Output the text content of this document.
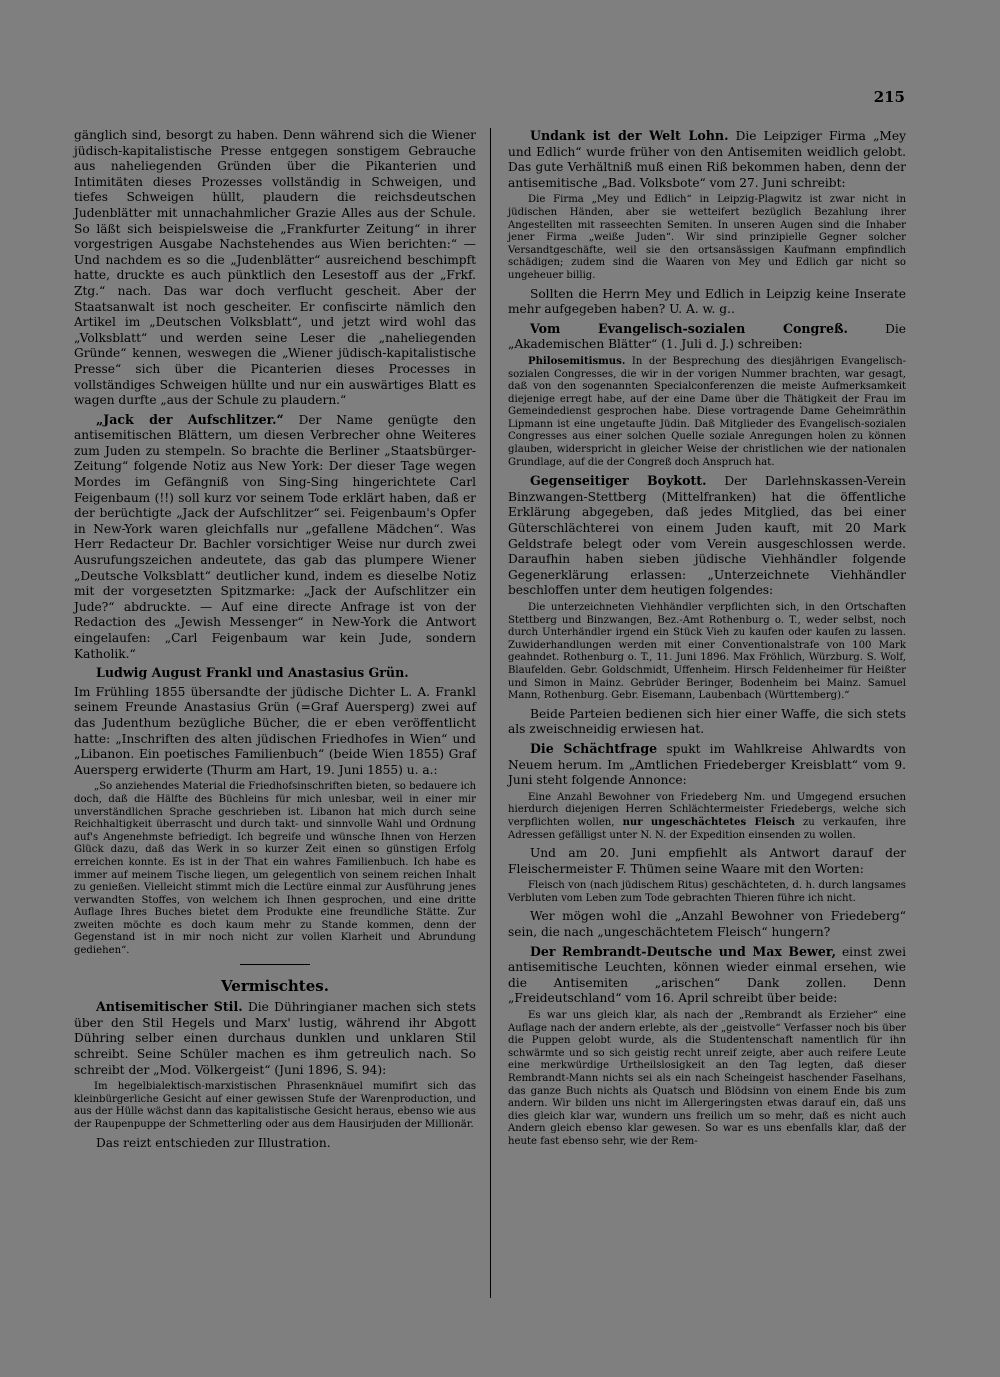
215

gänglich sind, besorgt zu haben. Denn während sich die Wiener jüdisch-kapitalistische Presse entgegen sonstigem Gebrauche aus naheliegenden Gründen über die Pikanterien und Intimitäten dieses Prozesses vollständig in Schweigen, und tiefes Schweigen hüllt, plaudern die reichsdeutschen Judenblätter mit unnachahmlicher Grazie Alles aus der Schule. So läßt sich beispielsweise die „Frankfurter Zeitung“ in ihrer vorgestrigen Ausgabe Nachstehendes aus Wien berichten:“ — Und nachdem es so die „Judenblätter“ ausreichend beschimpft hatte, druckte es auch pünktlich den Lesestoff aus der „Frkf. Ztg.“ nach. Das war doch verflucht gescheit. Aber der Staatsanwalt ist noch gescheiter. Er confiscirte nämlich den Artikel im „Deutschen Volksblatt“, und jetzt wird wohl das „Volksblatt“ und werden seine Leser die „naheliegenden Gründe“ kennen, weswegen die „Wiener jüdisch-kapitalistische Presse“ sich über die Picanterien dieses Processes in vollständiges Schweigen hüllte und nur ein auswärtiges Blatt es wagen durfte „aus der Schule zu plaudern.“

„Jack der Aufschlitzer.“ Der Name genügte den antisemitischen Blättern, um diesen Verbrecher ohne Weiteres zum Juden zu stempeln. So brachte die Berliner „Staatsbürger-Zeitung“ folgende Notiz aus New York: Der dieser Tage wegen Mordes im Gefängniß von Sing-Sing hingerichtete Carl Feigenbaum (!!) soll kurz vor seinem Tode erklärt haben, daß er der berüchtigte „Jack der Aufschlitzer“ sei. Feigenbaum's Opfer in New-York waren gleichfalls nur „gefallene Mädchen“. Was Herr Redacteur Dr. Bachler vorsichtiger Weise nur durch zwei Ausrufungszeichen andeutete, das gab das plumpere Wiener „Deutsche Volksblatt“ deutlicher kund, indem es dieselbe Notiz mit der vorgesetzten Spitzmarke: „Jack der Aufschlitzer ein Jude?“ abdruckte. — Auf eine directe Anfrage ist von der Redaction des „Jewish Messenger“ in New-York die Antwort eingelaufen: „Carl Feigenbaum war kein Jude, sondern Katholik.“

Ludwig August Frankl und Anastasius Grün.

Im Frühling 1855 übersandte der jüdische Dichter L. A. Frankl seinem Freunde Anastasius Grün (=Graf Auersperg) zwei auf das Judenthum bezügliche Bücher, die er eben veröffentlicht hatte: „Inschriften des alten jüdischen Friedhofes in Wien“ und „Libanon. Ein poetisches Familienbuch“ (beide Wien 1855) Graf Auersperg erwiderte (Thurm am Hart, 19. Juni 1855) u. a.:

„So anziehendes Material die Friedhofsinschriften bieten, so bedauere ich doch, daß die Hälfte des Büchleins für mich unlesbar, weil in einer mir unverständlichen Sprache geschrieben ist. Libanon hat mich durch seine Reichhaltigkeit überrascht und durch takt- und sinnvolle Wahl und Ordnung auf's Angenehmste befriedigt. Ich begreife und wünsche Ihnen von Herzen Glück dazu, daß das Werk in so kurzer Zeit einen so günstigen Erfolg erreichen konnte. Es ist in der That ein wahres Familienbuch. Ich habe es immer auf meinem Tische liegen, um gelegentlich von seinem reichen Inhalt zu genießen. Vielleicht stimmt mich die Lectüre einmal zur Ausführung jenes verwandten Stoffes, von welchem ich Ihnen gesprochen, und eine dritte Auflage Ihres Buches bietet dem Produkte eine freundliche Stätte. Zur zweiten möchte es doch kaum mehr zu Stande kommen, denn der Gegenstand ist in mir noch nicht zur vollen Klarheit und Abrundung gediehen“.

Vermischtes.

Antisemitischer Stil. Die Dühringianer machen sich stets über den Stil Hegels und Marx' lustig, während ihr Abgott Dühring selber einen durchaus dunklen und unklaren Stil schreibt. Seine Schüler machen es ihm getreulich nach. So schreibt der „Mod. Völkergeist“ (Juni 1896, S. 94):

Im hegelbialektisch-marxistischen Phrasenknäuel mumifirt sich das kleinbürgerliche Gesicht auf einer gewissen Stufe der Warenproduction, und aus der Hülle wächst dann das kapitalistische Gesicht heraus, ebenso wie aus der Raupenpuppe der Schmetterling oder aus dem Hausirjuden der Millionär.

Das reizt entschieden zur Illustration.

Undank ist der Welt Lohn. Die Leipziger Firma „Mey und Edlich“ wurde früher von den Antisemiten weidlich gelobt. Das gute Verhältniß muß einen Riß bekommen haben, denn der antisemitische „Bad. Volksbote“ vom 27. Juni schreibt:

Die Firma „Mey und Edlich“ in Leipzig-Plagwitz ist zwar nicht in jüdischen Händen, aber sie wetteifert bezüglich Bezahlung ihrer Angestellten mit rasseechten Semiten. In unseren Augen sind die Inhaber jener Firma „weiße Juden“. Wir sind prinzipielle Gegner solcher Versandtgeschäfte, weil sie den ortsansässigen Kaufmann empfindlich schädigen; zudem sind die Waaren von Mey und Edlich gar nicht so ungeheuer billig.

Sollten die Herrn Mey und Edlich in Leipzig keine Inserate mehr aufgegeben haben? U. A. w. g..

Vom Evangelisch-sozialen Congreß. Die „Akademischen Blätter“ (1. Juli d. J.) schreiben:

Philosemitismus. In der Besprechung des diesjährigen Evangelisch-sozialen Congresses, die wir in der vorigen Nummer brachten, war gesagt, daß von den sogenannten Specialconferenzen die meiste Aufmerksamkeit diejenige erregt habe, auf der eine Dame über die Thätigkeit der Frau im Gemeindedienst gesprochen habe. Diese vortragende Dame Geheimräthin Lipmann ist eine ungetaufte Jüdin. Daß Mitglieder des Evangelisch-sozialen Congresses aus einer solchen Quelle soziale Anregungen holen zu können glauben, widerspricht in gleicher Weise der christlichen wie der nationalen Grundlage, auf die der Congreß doch Anspruch hat.

Gegenseitiger Boykott. Der Darlehnskassen-Verein Binzwangen-Stettberg (Mittelfranken) hat die öffentliche Erklärung abgegeben, daß jedes Mitglied, das bei einer Güterschlächterei von einem Juden kauft, mit 20 Mark Geldstrafe belegt oder vom Verein ausgeschlossen werde. Daraufhin haben sieben jüdische Viehhändler folgende Gegenerklärung erlassen: „Unterzeichnete Viehhändler beschloffen unter dem heutigen folgendes:

Die unterzeichneten Viehhändler verpflichten sich, in den Ortschaften Stettberg und Binzwangen, Bez.-Amt Rothenburg o. T., weder selbst, noch durch Unterhändler irgend ein Stück Vieh zu kaufen oder kaufen zu lassen. Zuwiderhandlungen werden mit einer Conventionalstrafe von 100 Mark geahndet. Rothenburg o. T., 11. Juni 1896. Max Fröhlich, Würzburg. S. Wolf, Blaufelden. Gebr. Goldschmidt, Uffenheim. Hirsch Feldenheimer für Heißter und Simon in Mainz. Gebrüder Beringer, Bodenheim bei Mainz. Samuel Mann, Rothenburg. Gebr. Eisemann, Laubenbach (Württemberg).“

Beide Parteien bedienen sich hier einer Waffe, die sich stets als zweischneidig erwiesen hat.

Die Schächtfrage spukt im Wahlkreise Ahlwardts von Neuem herum. Im „Amtlichen Friedeberger Kreisblatt“ vom 9. Juni steht folgende Annonce:

Eine Anzahl Bewohner von Friedeberg Nm. und Umgegend ersuchen hierdurch diejenigen Herren Schlächtermeister Friedebergs, welche sich verpflichten wollen, nur ungeschächtetes Fleisch zu verkaufen, ihre Adressen gefälligst unter N. N. der Expedition einsenden zu wollen.

Und am 20. Juni empfiehlt als Antwort darauf der Fleischermeister F. Thümen seine Waare mit den Worten:

Fleisch von (nach jüdischem Ritus) geschächteten, d. h. durch langsames Verbluten vom Leben zum Tode gebrachten Thieren führe ich nicht.

Wer mögen wohl die „Anzahl Bewohner von Friedeberg“ sein, die nach „ungeschächtetem Fleisch“ hungern?

Der Rembrandt-Deutsche und Max Bewer, einst zwei antisemitische Leuchten, können wieder einmal ersehen, wie die Antisemiten „arischen“ Dank zollen. Denn „Freideutschland“ vom 16. April schreibt über beide:

Es war uns gleich klar, als nach der „Rembrandt als Erzieher“ eine Auflage nach der andern erlebte, als der „geistvolle“ Verfasser noch bis über die Puppen gelobt wurde, als die Studentenschaft namentlich für ihn schwärmte und so sich geistig recht unreif zeigte, aber auch reifere Leute eine merkwürdige Urtheilslosigkeit an den Tag legten, daß dieser Rembrandt-Mann nichts sei als ein nach Scheingeist haschender Faselhans, das ganze Buch nichts als Quatsch und Blödsinn von einem Ende bis zum andern. Wir bilden uns nicht im Allergeringsten etwas darauf ein, daß uns dies gleich klar war, wundern uns freilich um so mehr, daß es nicht auch Andern gleich ebenso klar gewesen. So war es uns ebenfalls klar, daß der heute fast ebenso sehr, wie der Rem-
